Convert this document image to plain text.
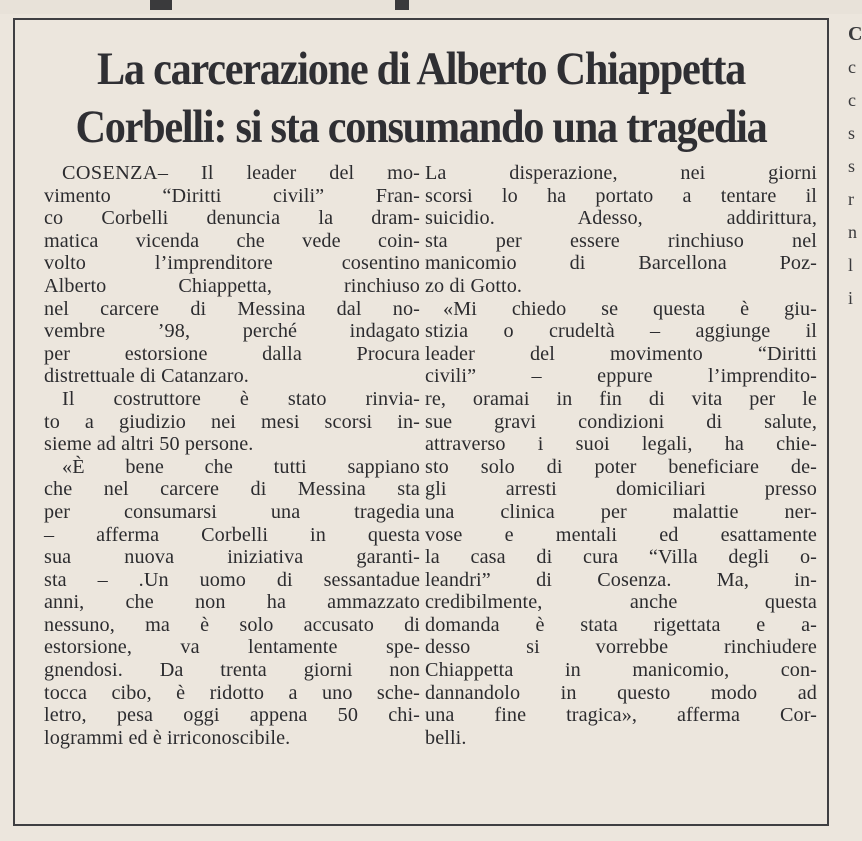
C
c
c
s
s
r
n
l
i
La carcerazione di Alberto Chiappetta
Corbelli: si sta consumando una tragedia
COSENZA– Il leader del mo-
vimento “Diritti civili” Fran-
co Corbelli denuncia la dram-
matica vicenda che vede coin-
volto l’imprenditore cosentino
Alberto Chiappetta, rinchiuso
nel carcere di Messina dal no-
vembre ’98, perché indagato
per estorsione dalla Procura
distrettuale di Catanzaro.
Il costruttore è stato rinvia-
to a giudizio nei mesi scorsi in-
sieme ad altri 50 persone.
«È bene che tutti sappiano
che nel carcere di Messina sta
per consumarsi una tragedia
– afferma Corbelli in questa
sua nuova iniziativa garanti-
sta – .Un uomo di sessantadue
anni, che non ha ammazzato
nessuno, ma è solo accusato di
estorsione, va lentamente spe-
gnendosi. Da trenta giorni non
tocca cibo, è ridotto a uno sche-
letro, pesa oggi appena 50 chi-
logrammi ed è irriconoscibile.
La disperazione, nei giorni
scorsi lo ha portato a tentare il
suicidio. Adesso, addirittura,
sta per essere rinchiuso nel
manicomio di Barcellona Poz-
zo di Gotto.
«Mi chiedo se questa è giu-
stizia o crudeltà – aggiunge il
leader del movimento “Diritti
civili” – eppure l’imprendito-
re, oramai in fin di vita per le
sue gravi condizioni di salute,
attraverso i suoi legali, ha chie-
sto solo di poter beneficiare de-
gli arresti domiciliari presso
una clinica per malattie ner-
vose e mentali ed esattamente
la casa di cura “Villa degli o-
leandri” di Cosenza. Ma, in-
credibilmente, anche questa
domanda è stata rigettata e a-
desso si vorrebbe rinchiudere
Chiappetta in manicomio, con-
dannandolo in questo modo ad
una fine tragica», afferma Cor-
belli.
